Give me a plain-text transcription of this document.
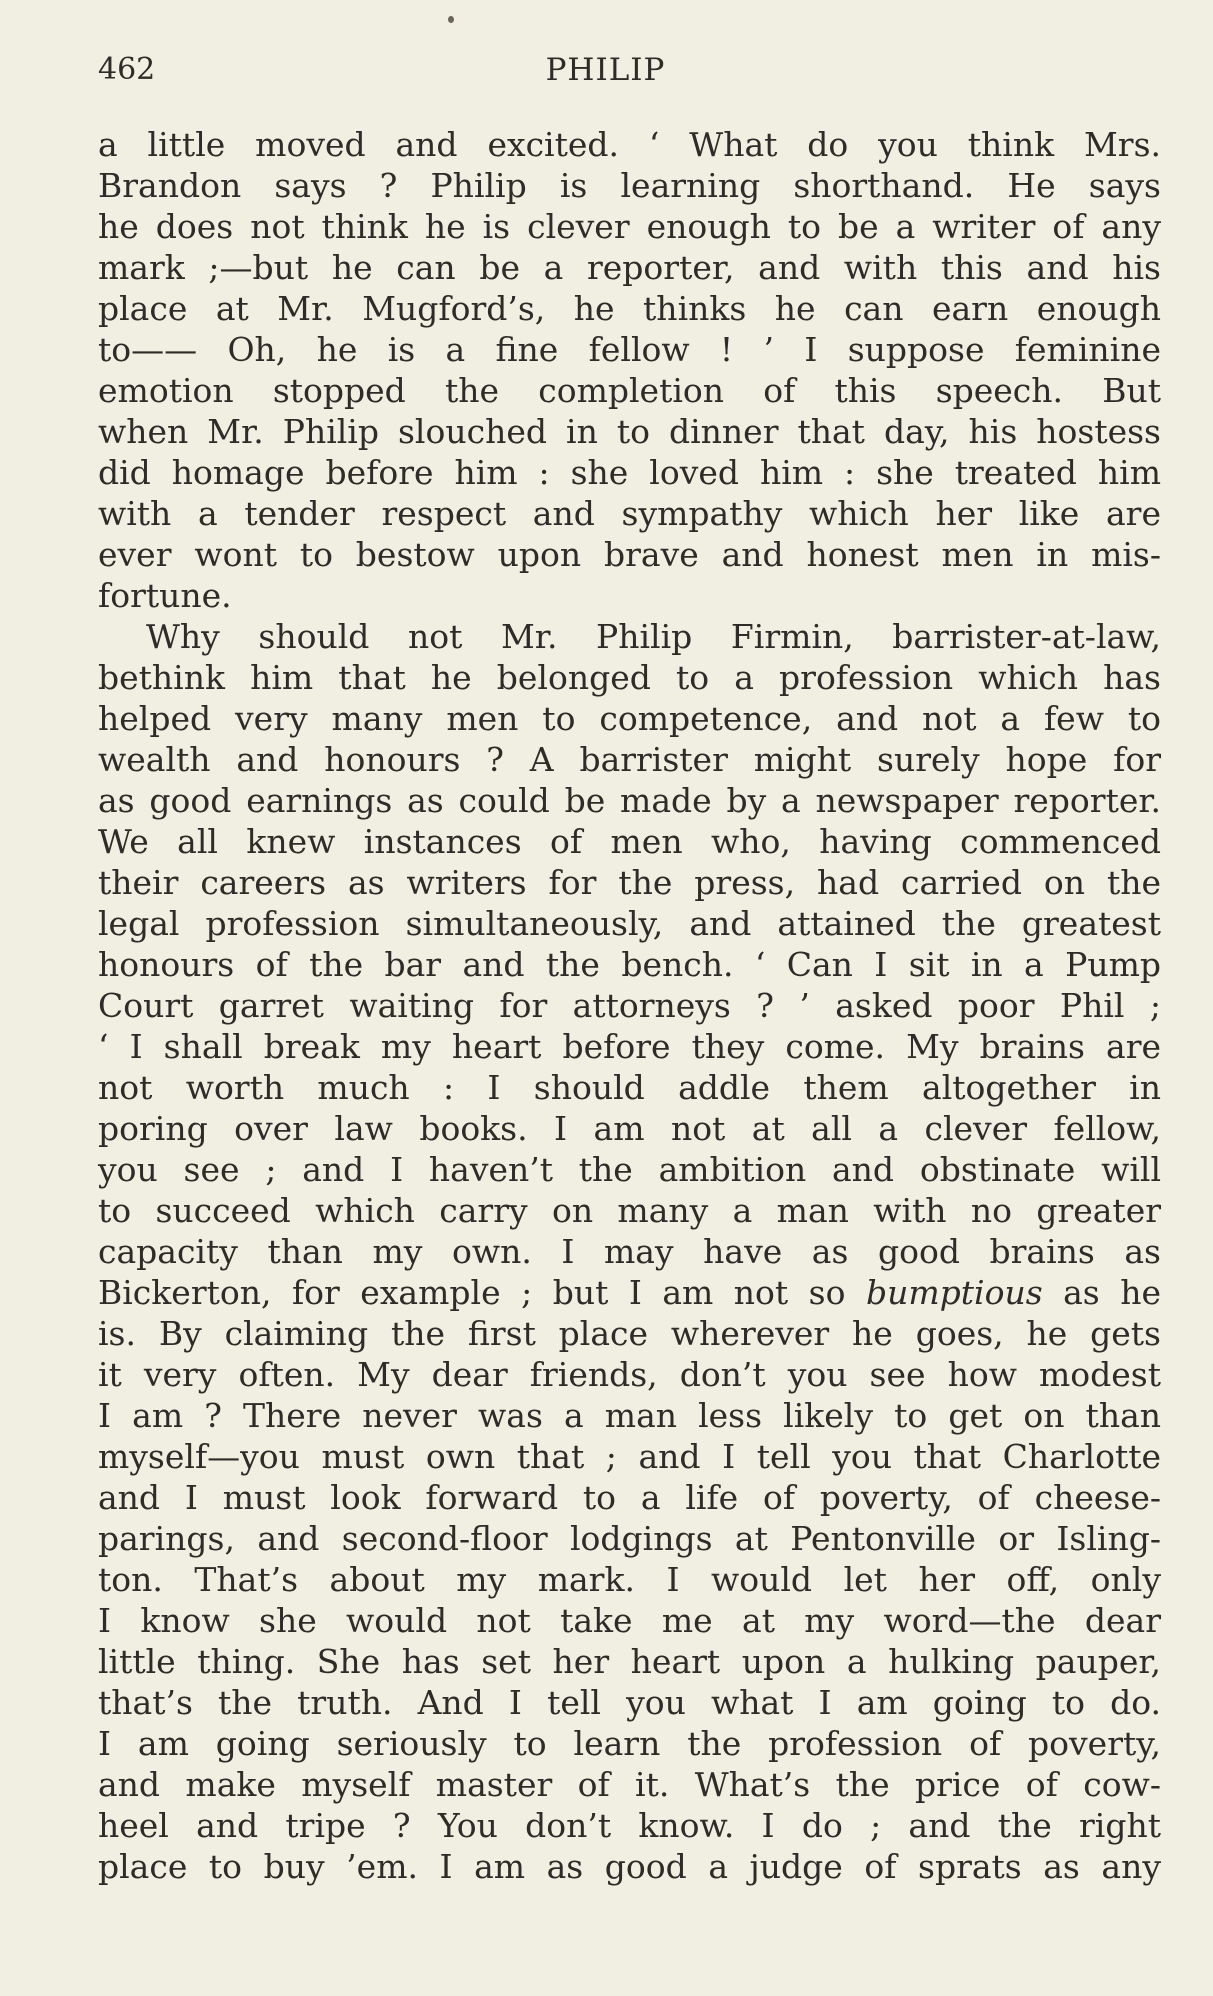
462	PHILIP
a little moved and excited. ‘ What do you think Mrs.
Brandon says ? Philip is learning shorthand. He says
he does not think he is clever enough to be a writer of any
mark ;—but he can be a reporter, and with this and his
place at Mr. Mugford’s, he thinks he can earn enough
to—— Oh, he is a fine fellow ! ’ I suppose feminine
emotion stopped the completion of this speech. But
when Mr. Philip slouched in to dinner that day, his hostess
did homage before him : she loved him : she treated him
with a tender respect and sympathy which her like are
ever wont to bestow upon brave and honest men in mis-
fortune.
Why should not Mr. Philip Firmin, barrister-at-law,
bethink him that he belonged to a profession which has
helped very many men to competence, and not a few to
wealth and honours ? A barrister might surely hope for
as good earnings as could be made by a newspaper reporter.
We all knew instances of men who, having commenced
their careers as writers for the press, had carried on the
legal profession simultaneously, and attained the greatest
honours of the bar and the bench. ‘ Can I sit in a Pump
Court garret waiting for attorneys ? ’ asked poor Phil ;
‘ I shall break my heart before they come. My brains are
not worth much : I should addle them altogether in
poring over law books. I am not at all a clever fellow,
you see ; and I haven’t the ambition and obstinate will
to succeed which carry on many a man with no greater
capacity than my own. I may have as good brains as
Bickerton, for example ; but I am not so bumptious as he
is. By claiming the first place wherever he goes, he gets
it very often. My dear friends, don’t you see how modest
I am ? There never was a man less likely to get on than
myself—you must own that ; and I tell you that Charlotte
and I must look forward to a life of poverty, of cheese-
parings, and second-floor lodgings at Pentonville or Isling-
ton. That’s about my mark. I would let her off, only
I know she would not take me at my word—the dear
little thing. She has set her heart upon a hulking pauper,
that’s the truth. And I tell you what I am going to do.
I am going seriously to learn the profession of poverty,
and make myself master of it. What’s the price of cow-
heel and tripe ? You don’t know. I do ; and the right
place to buy ’em. I am as good a judge of sprats as any
